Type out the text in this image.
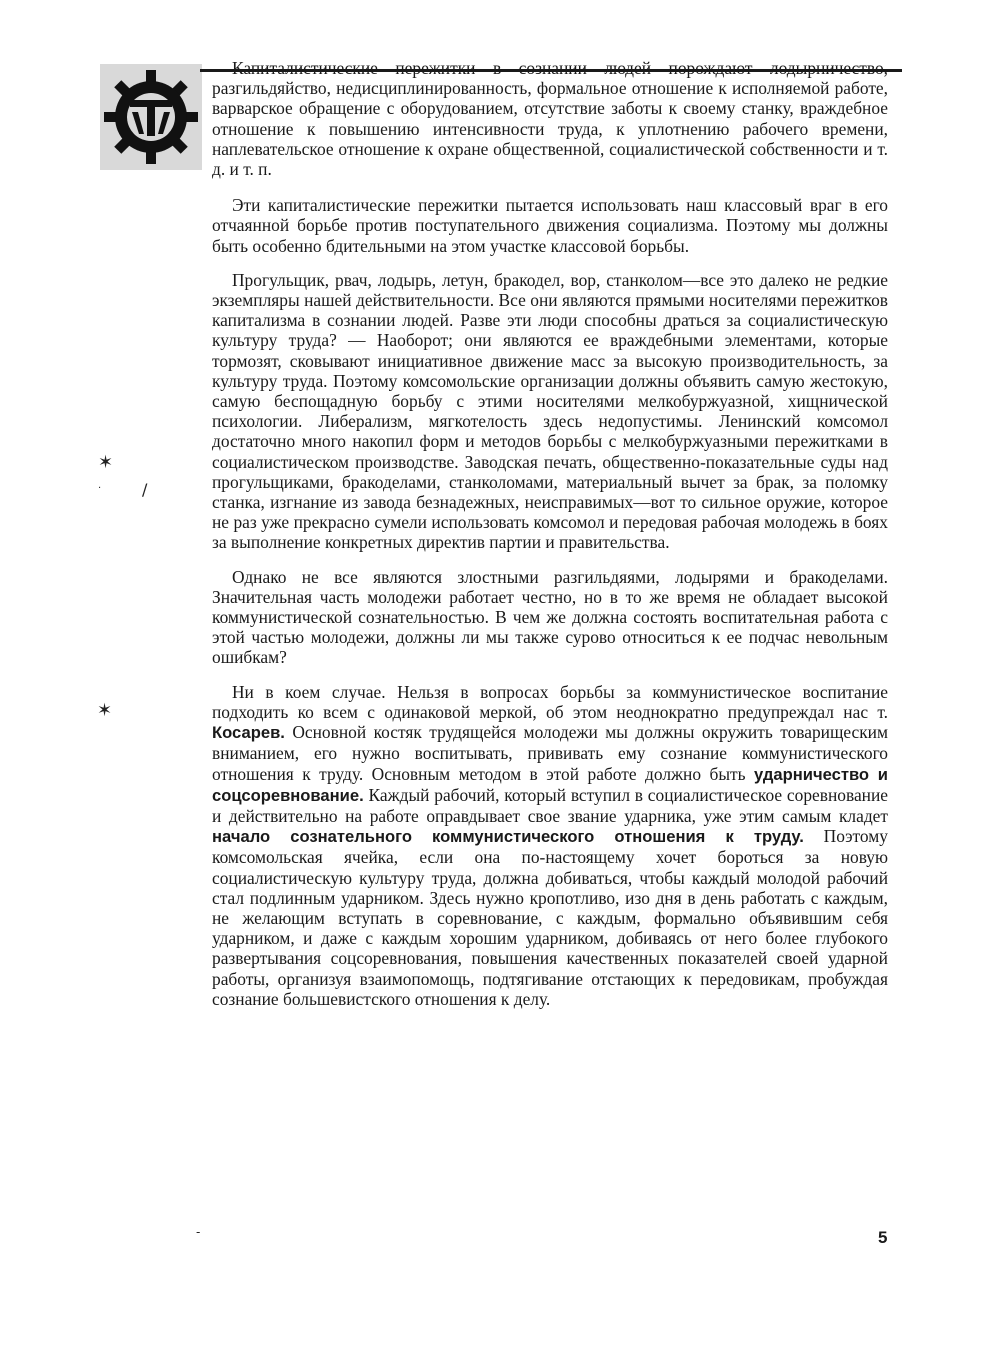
✶
·	/
✶
-

Капиталистические пережитки в сознании людей порождают лодырничество, разгильдяйство, недисциплинированность, формальное отношение к исполняемой работе, варварское обращение с оборудованием, отсутствие заботы к своему станку, враждебное отношение к повышению интенсивности труда, к уплотнению рабочего времени, наплевательское отношение к охране общественной, социалистической собственности и т. д. и т. п.

Эти капиталистические пережитки пытается использовать наш классовый враг в его отчаянной борьбе против поступательного движения социализма. Поэтому мы должны быть особенно бдительными на этом участке классовой борьбы.

Прогульщик, рвач, лодырь, летун, бракодел, вор, станколом—все это далеко не редкие экземпляры нашей действительности. Все они являются прямыми носителями пережитков капитализма в сознании людей. Разве эти люди способны драться за социалистическую культуру труда? — Наоборот; они являются ее враждебными элементами, которые тормозят, сковывают инициативное движение масс за высокую производительность, за культуру труда. Поэтому комсомольские организации должны объявить самую жестокую, самую беспощадную борьбу с этими носителями мелкобуржуазной, хищнической психологии. Либерализм, мягкотелость здесь недопустимы. Ленинский комсомол достаточно много накопил форм и методов борьбы с мелкобуржуазными пережитками в социалистическом производстве. Заводская печать, общественно-показательные суды над прогульщиками, бракоделами, станколомами, материальный вычет за брак, за поломку станка, изгнание из завода безнадежных, неисправимых—вот то сильное оружие, которое не раз уже прекрасно сумели использовать комсомол и передовая рабочая молодежь в боях за выполнение конкретных директив партии и правительства.

Однако не все являются злостными разгильдяями, лодырями и бракоделами. Значительная часть молодежи работает честно, но в то же время не обладает высокой коммунистической сознательностью. В чем же должна состоять воспитательная работа с этой частью молодежи, должны ли мы также сурово относиться к ее подчас невольным ошибкам?

Ни в коем случае. Нельзя в вопросах борьбы за коммунистическое воспитание подходить ко всем с одинаковой меркой, об этом неоднократно предупреждал нас т. Косарев. Основной костяк трудящейся молодежи мы должны окружить товарищеским вниманием, его нужно воспитывать, прививать ему сознание коммунистического отношения к труду. Основным методом в этой работе должно быть ударничество и соцсоревнование. Каждый рабочий, который вступил в социалистическое соревнование и действительно на работе оправдывает свое звание ударника, уже этим самым кладет начало сознательного коммунистического отношения к труду. Поэтому комсомольская ячейка, если она по-настоящему хочет бороться за новую социалистическую культуру труда, должна добиваться, чтобы каждый молодой рабочий стал подлинным ударником. Здесь нужно кропотливо, изо дня в день работать с каждым, не желающим вступать в соревнование, с каждым, формально объявившим себя ударником, и даже с каждым хорошим ударником, добиваясь от него более глубокого развертывания соцсоревнования, повышения качественных показателей своей ударной работы, организуя взаимопомощь, подтягивание отстающих к передовикам, пробуждая сознание большевистского отношения к делу.

5
